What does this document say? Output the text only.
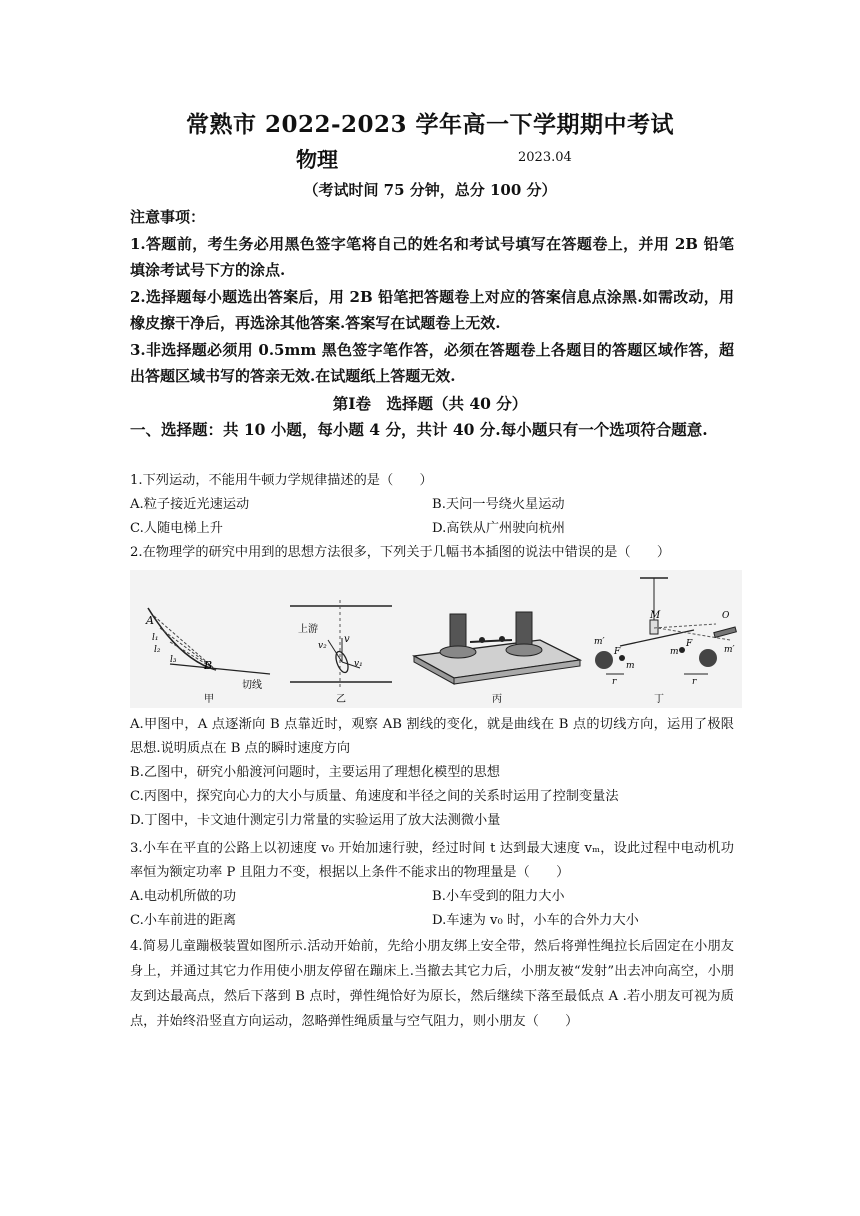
常熟市 2022-2023 学年高一下学期期中考试
物理	2023.04
（考试时间 75 分钟，总分 100 分）
注意事项：
1.答题前，考生务必用黑色签字笔将自己的姓名和考试号填写在答题卷上，并用 2B 铅笔填涂考试号下方的涂点.
2.选择题每小题选出答案后，用 2B 铅笔把答题卷上对应的答案信息点涂黑.如需改动，用橡皮擦干净后，再选涂其他答案.答案写在试题卷上无效.
3.非选择题必须用 0.5mm 黑色签字笔作答，必须在答题卷上各题目的答题区域作答，超出答题区域书写的答亲无效.在试题纸上答题无效.
第Ⅰ卷　选择题（共 40 分）
一、选择题：共 10 小题，每小题 4 分，共计 40 分.每小题只有一个选项符合题意.
1.下列运动，不能用牛顿力学规律描述的是（　　）
A.粒子接近光速运动	B.天问一号绕火星运动
C.人随电梯上升	D.高铁从广州驶向杭州
2.在物理学的研究中用到的思想方法很多，下列关于几幅书本插图的说法中错误的是（　　）
A
B
l₁
l₂
l₃
切线
甲
上游
v
v₂
v₁
乙	丙
M	O
m′
m′
F
F
m
m
r	r
丁
A.甲图中，A 点逐渐向 B 点靠近时，观察 AB 割线的变化，就是曲线在 B 点的切线方向，运用了极限思想.说明质点在 B 点的瞬时速度方向
B.乙图中，研究小船渡河问题时，主要运用了理想化模型的思想
C.丙图中，探究向心力的大小与质量、角速度和半径之间的关系时运用了控制变量法
D.丁图中，卡文迪什测定引力常量的实验运用了放大法测微小量
3.小车在平直的公路上以初速度 v₀ 开始加速行驶，经过时间 t 达到最大速度 vₘ，设此过程中电动机功率恒为额定功率 P 且阻力不变，根据以上条件不能求出的物理量是（　　）
A.电动机所做的功	B.小车受到的阻力大小
C.小车前进的距离	D.车速为 v₀ 时，小车的合外力大小
4.简易儿童蹦极装置如图所示.活动开始前，先给小朋友绑上安全带，然后将弹性绳拉长后固定在小朋友身上，并通过其它力作用使小朋友停留在蹦床上.当撤去其它力后，小朋友被“发射”出去冲向高空，小朋友到达最高点，然后下落到 B 点时，弹性绳恰好为原长，然后继续下落至最低点 A .若小朋友可视为质点，并始终沿竖直方向运动，忽略弹性绳质量与空气阻力，则小朋友（　　）
